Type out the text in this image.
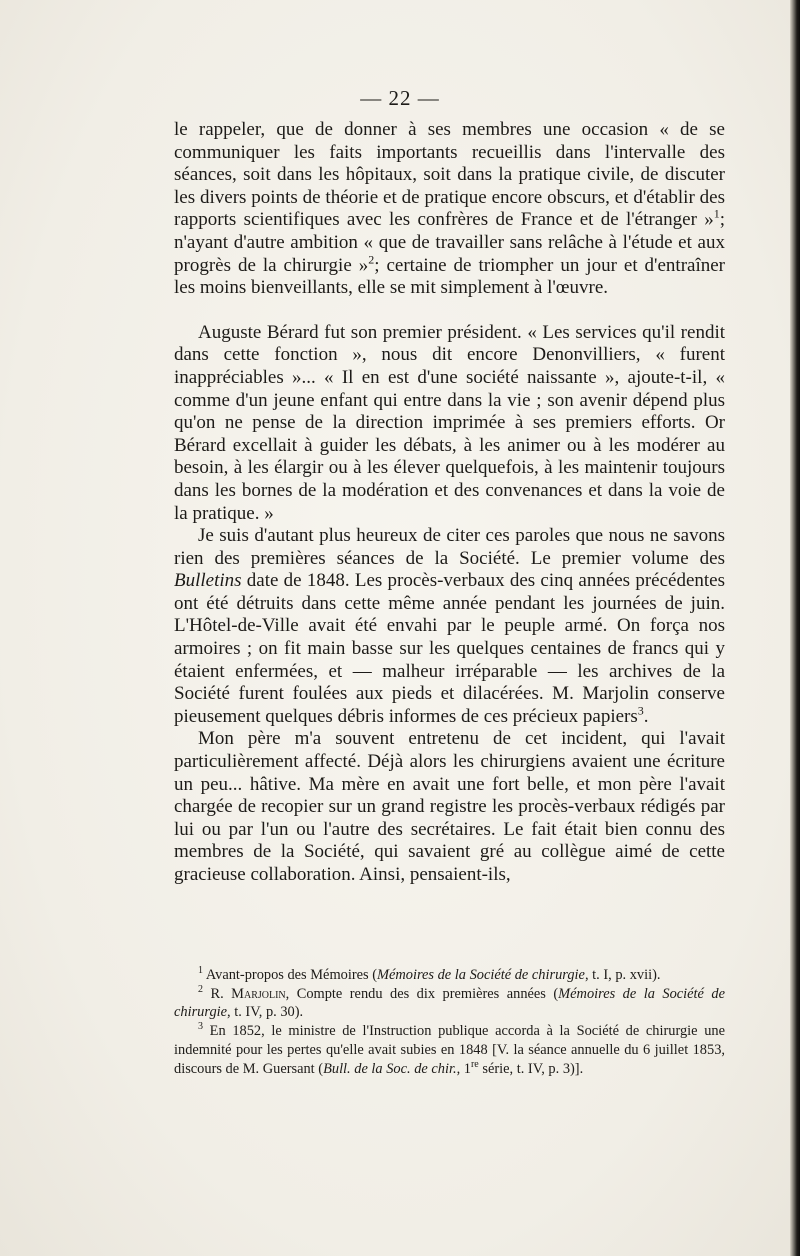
— 22 —

le rappeler, que de donner à ses membres une occasion « de se communiquer les faits importants recueillis dans l'intervalle des séances, soit dans les hôpitaux, soit dans la pratique civile, de discuter les divers points de théorie et de pratique encore obscurs, et d'établir des rapports scientifiques avec les confrères de France et de l'étranger »$^1$; n'ayant d'autre ambition « que de travailler sans relâche à l'étude et aux progrès de la chirurgie »$^2$; certaine de triompher un jour et d'entraîner les moins bienveillants, elle se mit simplement à l'œuvre.

Auguste Bérard fut son premier président. « Les services qu'il rendit dans cette fonction », nous dit encore Denonvilliers, « furent inappréciables »... « Il en est d'une société naissante », ajoute-t-il, « comme d'un jeune enfant qui entre dans la vie ; son avenir dépend plus qu'on ne pense de la direction imprimée à ses premiers efforts. Or Bérard excellait à guider les débats, à les animer ou à les modérer au besoin, à les élargir ou à les élever quelquefois, à les maintenir toujours dans les bornes de la modération et des convenances et dans la voie de la pratique. »

Je suis d'autant plus heureux de citer ces paroles que nous ne savons rien des premières séances de la Société. Le premier volume des Bulletins date de 1848. Les procès-verbaux des cinq années précédentes ont été détruits dans cette même année pendant les journées de juin. L'Hôtel-de-Ville avait été envahi par le peuple armé. On força nos armoires ; on fit main basse sur les quelques centaines de francs qui y étaient enfermées, et — malheur irréparable — les archives de la Société furent foulées aux pieds et dilacérées. M. Marjolin conserve pieusement quelques débris informes de ces précieux papiers$^3$.

Mon père m'a souvent entretenu de cet incident, qui l'avait particulièrement affecté. Déjà alors les chirurgiens avaient une écriture un peu... hâtive. Ma mère en avait une fort belle, et mon père l'avait chargée de recopier sur un grand registre les procès-verbaux rédigés par lui ou par l'un ou l'autre des secrétaires. Le fait était bien connu des membres de la Société, qui savaient gré au collègue aimé de cette gracieuse collaboration. Ainsi, pensaient-ils,

$^1$ Avant-propos des Mémoires (Mémoires de la Société de chirurgie, t. I, p. xvii).

$^2$ R. Marjolin, Compte rendu des dix premières années (Mémoires de la Société de chirurgie, t. IV, p. 30).

$^3$ En 1852, le ministre de l'Instruction publique accorda à la Société de chirurgie une indemnité pour les pertes qu'elle avait subies en 1848 [V. la séance annuelle du 6 juillet 1853, discours de M. Guersant (Bull. de la Soc. de chir., 1re série, t. IV, p. 3)].
